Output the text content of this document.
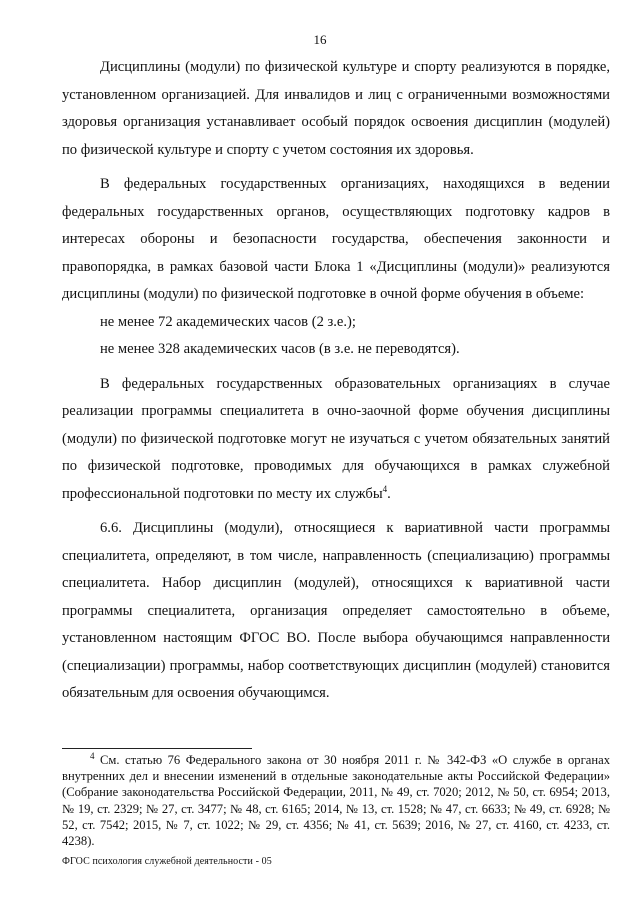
16

Дисциплины (модули) по физической культуре и спорту реализуются в порядке, установленном организацией. Для инвалидов и лиц с ограниченными возможностями здоровья организация устанавливает особый порядок освоения дисциплин (модулей) по физической культуре и спорту с учетом состояния их здоровья.

В федеральных государственных организациях, находящихся в ведении федеральных государственных органов, осуществляющих подготовку кадров в интересах обороны и безопасности государства, обеспечения законности и правопорядка, в рамках базовой части Блока 1 «Дисциплины (модули)» реализуются дисциплины (модули) по физической подготовке в очной форме обучения в объеме:

не менее 72 академических часов (2 з.е.);

не менее 328 академических часов (в з.е. не переводятся).

В федеральных государственных образовательных организациях в случае реализации программы специалитета в очно-заочной форме обучения дисциплины (модули) по физической подготовке могут не изучаться с учетом обязательных занятий по физической подготовке, проводимых для обучающихся в рамках служебной профессиональной подготовки по месту их службы$^4$.

6.6. Дисциплины (модули), относящиеся к вариативной части программы специалитета, определяют, в том числе, направленность (специализацию) программы специалитета. Набор дисциплин (модулей), относящихся к вариативной части программы специалитета, организация определяет самостоятельно в объеме, установленном настоящим ФГОС ВО. После выбора обучающимся направленности (специализации) программы, набор соответствующих дисциплин (модулей) становится обязательным для освоения обучающимся.

$^4$ См. статью 76 Федерального закона от 30 ноября 2011 г. № 342-ФЗ «О службе в органах внутренних дел и внесении изменений в отдельные законодательные акты Российской Федерации» (Собрание законодательства Российской Федерации, 2011, № 49, ст. 7020; 2012, № 50, ст. 6954; 2013, № 19, ст. 2329; № 27, ст. 3477; № 48, ст. 6165; 2014, № 13, ст. 1528; № 47, ст. 6633; № 49, ст. 6928; № 52, ст. 7542; 2015, № 7, ст. 1022; № 29, ст. 4356; № 41, ст. 5639; 2016, № 27, ст. 4160, ст. 4233, ст. 4238).
ФГОС психология служебной деятельности - 05
